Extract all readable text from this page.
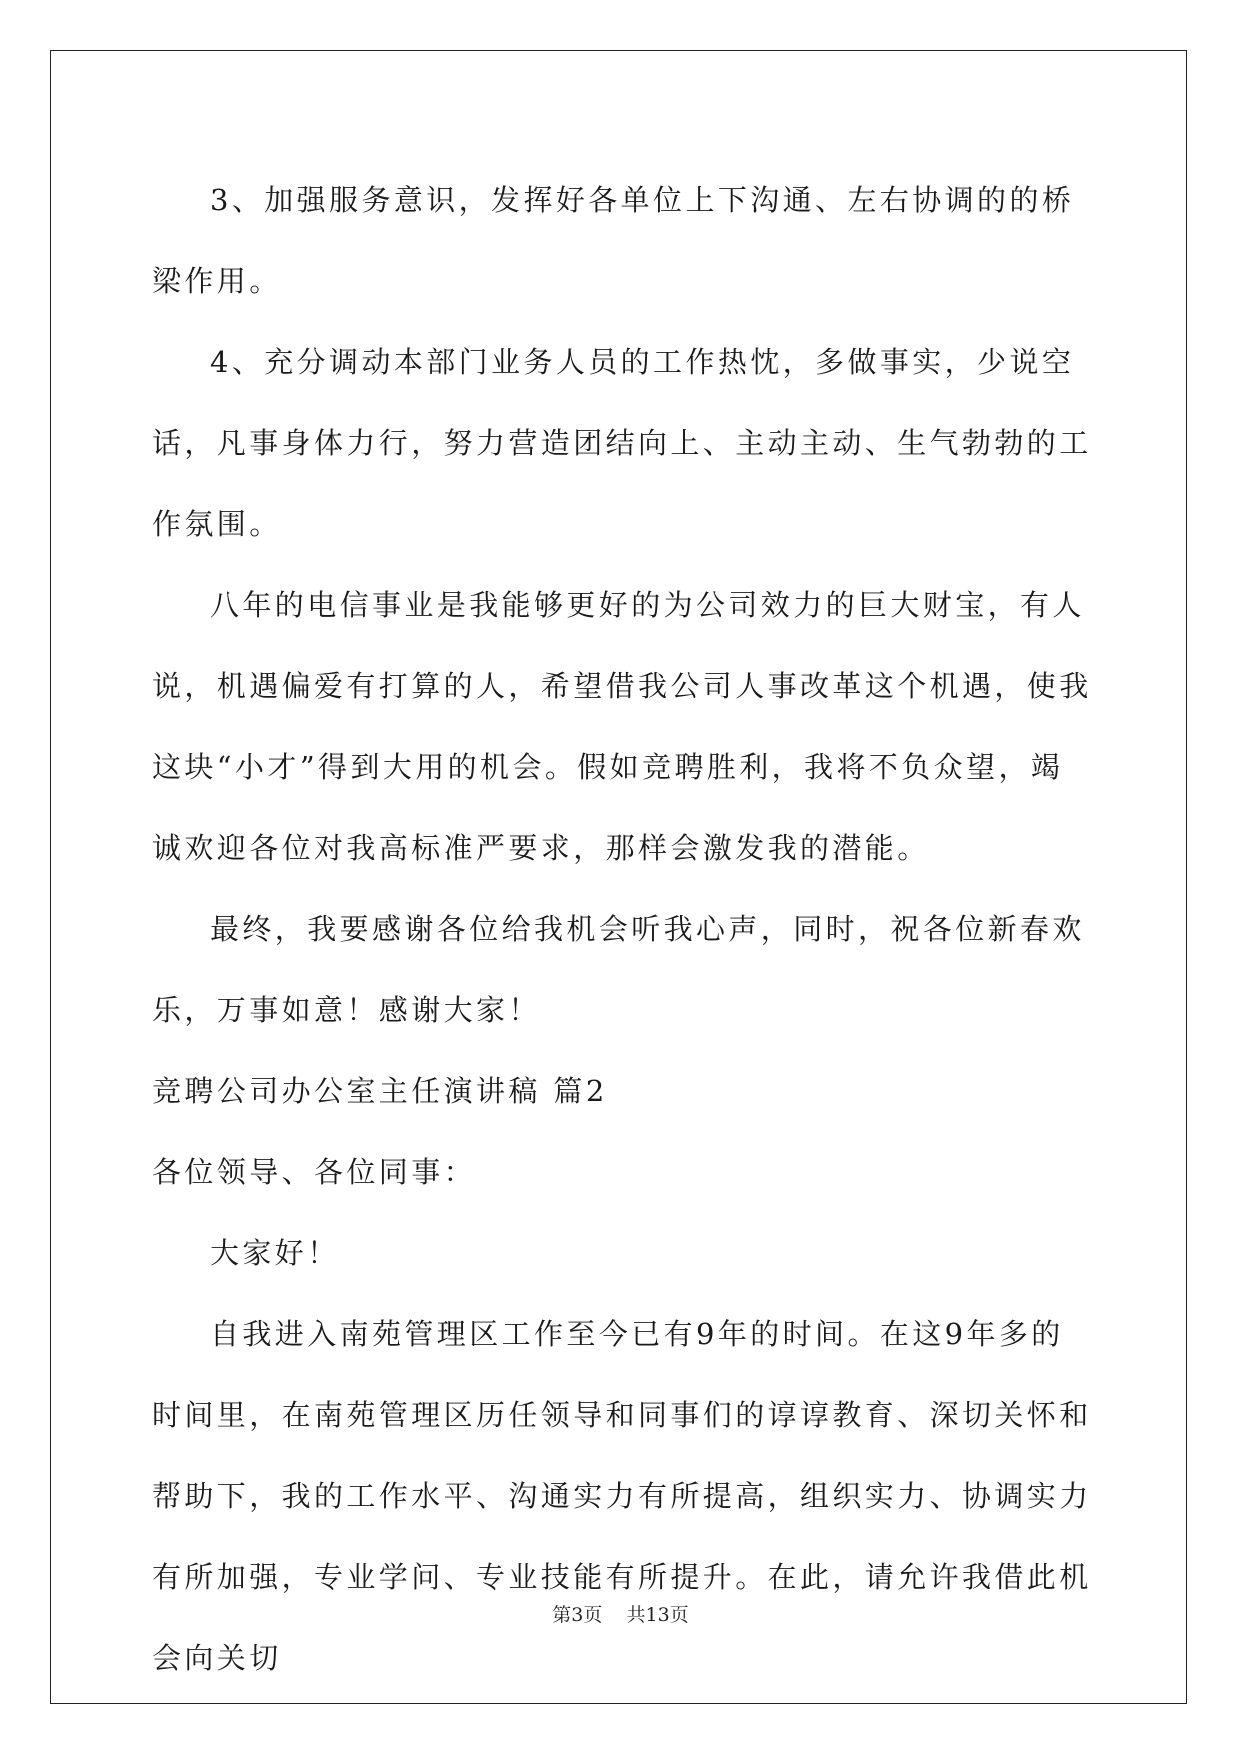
3、加强服务意识，发挥好各单位上下沟通、左右协调的的桥梁作用。

4、充分调动本部门业务人员的工作热忱，多做事实，少说空话，凡事身体力行，努力营造团结向上、主动主动、生气勃勃的工作氛围。

八年的电信事业是我能够更好的为公司效力的巨大财宝，有人说，机遇偏爱有打算的人，希望借我公司人事改革这个机遇，使我这块“小才”得到大用的机会。假如竞聘胜利，我将不负众望，竭诚欢迎各位对我高标准严要求，那样会激发我的潜能。

最终，我要感谢各位给我机会听我心声，同时，祝各位新春欢乐，万事如意！感谢大家！

竞聘公司办公室主任演讲稿 篇2

各位领导、各位同事：

大家好！

自我进入南苑管理区工作至今已有9年的时间。在这9年多的时间里，在南苑管理区历任领导和同事们的谆谆教育、深切关怀和帮助下，我的工作水平、沟通实力有所提高，组织实力、协调实力有所加强，专业学问、专业技能有所提升。在此，请允许我借此机会向关切

第3页 共13页
